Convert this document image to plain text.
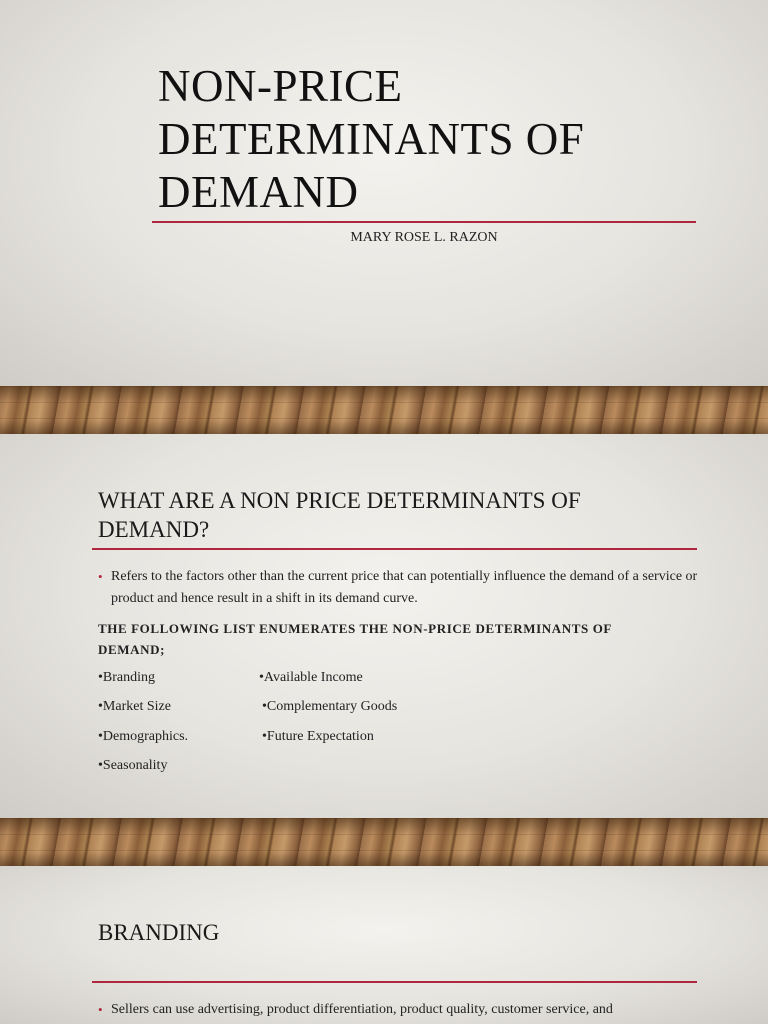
NON-PRICE
DETERMINANTS OF
DEMAND
MARY ROSE L. RAZON
WHAT ARE A NON PRICE DETERMINANTS OF DEMAND?
• Refers to the factors other than the current price that can potentially influence the demand of a service or product and hence result in a shift in its demand curve.
THE FOLLOWING LIST ENUMERATES THE NON-PRICE DETERMINANTS OF DEMAND;
•Branding
•Market Size
•Demographics.
•Seasonality
•Available Income
•Complementary Goods
•Future Expectation
BRANDING
• Sellers can use advertising, product differentiation, product quality, customer service, and
